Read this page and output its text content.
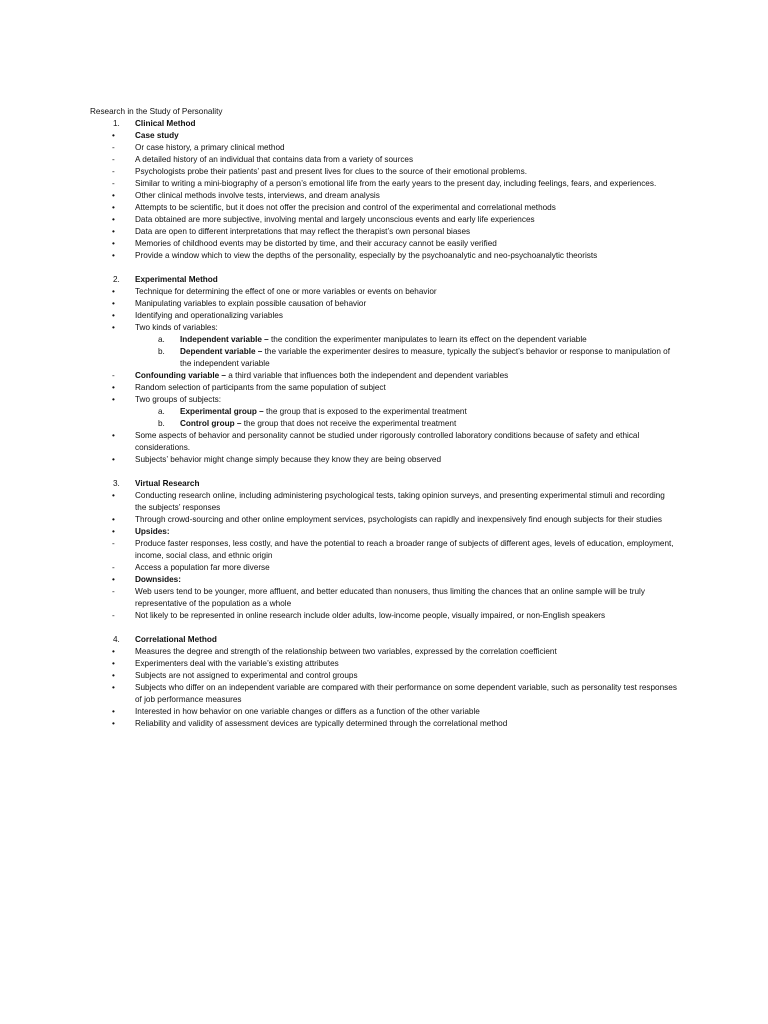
Research in the Study of Personality
1.	Clinical Method
•	Case study
-	Or case history, a primary clinical method
-	A detailed history of an individual that contains data from a variety of sources
-	Psychologists probe their patients’ past and present lives for clues to the source of their emotional problems.
-	Similar to writing a mini-biography of a person’s emotional life from the early years to the present day, including feelings, fears, and experiences.
•	Other clinical methods involve tests, interviews, and dream analysis
•	Attempts to be scientific, but it does not offer the precision and control of the experimental and correlational methods
•	Data obtained are more subjective, involving mental and largely unconscious events and early life experiences
•	Data are open to different interpretations that may reflect the therapist’s own personal biases
•	Memories of childhood events may be distorted by time, and their accuracy cannot be easily verified
•	Provide a window which to view the depths of the personality, especially by the psychoanalytic and neo-psychoanalytic theorists
2.	Experimental Method
•	Technique for determining the effect of one or more variables or events on behavior
•	Manipulating variables to explain possible causation of behavior
•	Identifying and operationalizing variables
•	Two kinds of variables:
a.	Independent variable – the condition the experimenter manipulates to learn its effect on the dependent variable
b.	Dependent variable – the variable the experimenter desires to measure, typically the subject’s behavior or response to manipulation of the independent variable
-	Confounding variable – a third variable that influences both the independent and dependent variables
•	Random selection of participants from the same population of subject
•	Two groups of subjects:
a.	Experimental group – the group that is exposed to the experimental treatment
b.	Control group – the group that does not receive the experimental treatment
•	Some aspects of behavior and personality cannot be studied under rigorously controlled laboratory conditions because of safety and ethical considerations.
•	Subjects’ behavior might change simply because they know they are being observed
3.	Virtual Research
•	Conducting research online, including administering psychological tests, taking opinion surveys, and presenting experimental stimuli and recording the subjects’ responses
•	Through crowd-sourcing and other online employment services, psychologists can rapidly and inexpensively find enough subjects for their studies
•	Upsides:
-	Produce faster responses, less costly, and have the potential to reach a broader range of subjects of different ages, levels of education, employment, income, social class, and ethnic origin
-	Access a population far more diverse
•	Downsides:
-	Web users tend to be younger, more affluent, and better educated than nonusers, thus limiting the chances that an online sample will be truly representative of the population as a whole
-	Not likely to be represented in online research include older adults, low-income people, visually impaired, or non-English speakers
4.	Correlational Method
•	Measures the degree and strength of the relationship between two variables, expressed by the correlation coefficient
•	Experimenters deal with the variable’s existing attributes
•	Subjects are not assigned to experimental and control groups
•	Subjects who differ on an independent variable are compared with their performance on some dependent variable, such as personality test responses of job performance measures
•	Interested in how behavior on one variable changes or differs as a function of the other variable
•	Reliability and validity of assessment devices are typically determined through the correlational method
